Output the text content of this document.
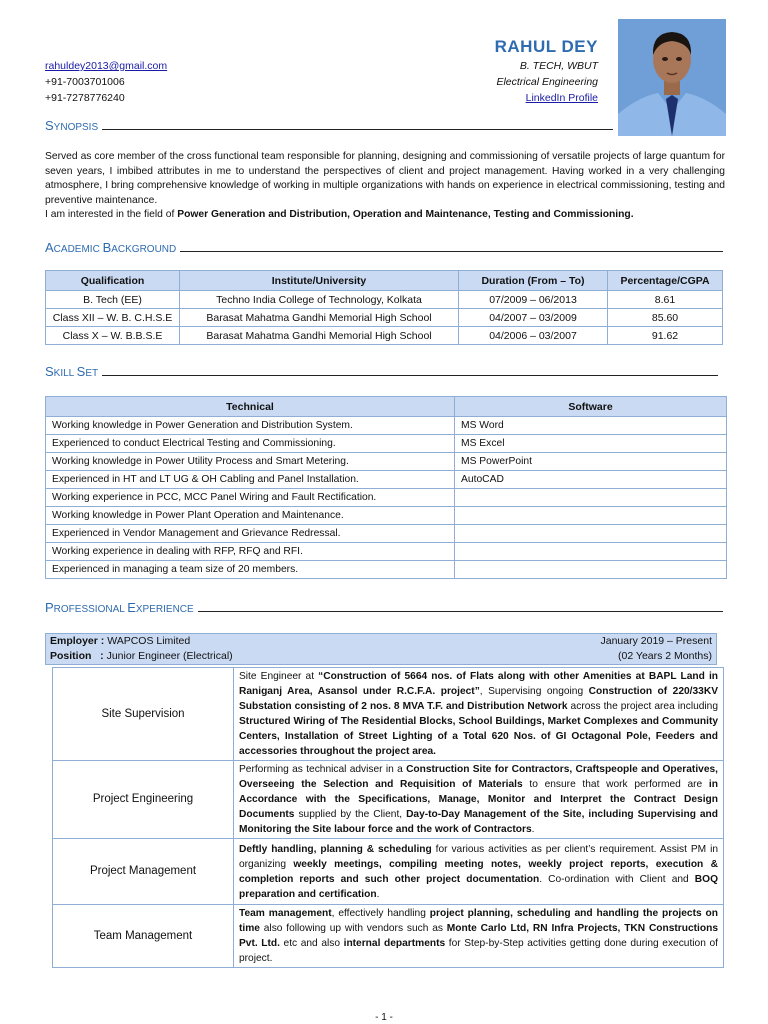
rahuldey2013@gmail.com
+91-7003701006
+91-7278776240
RAHUL DEY
B. TECH, WBUT
Electrical Engineering
LinkedIn Profile
SYNOPSIS
Served as core member of the cross functional team responsible for planning, designing and commissioning of versatile projects of large quantum for seven years, I imbibed attributes in me to understand the perspectives of client and project management. Having worked in a very challenging atmosphere, I bring comprehensive knowledge of working in multiple organizations with hands on experience in electrical commissioning, testing and preventive maintenance.
I am interested in the field of Power Generation and Distribution, Operation and Maintenance, Testing and Commissioning.
ACADEMIC BACKGROUND
Qualification	Institute/University	Duration (From – To)	Percentage/CGPA
B. Tech (EE)	Techno India College of Technology, Kolkata	07/2009 – 06/2013	8.61
Class XII – W. B. C.H.S.E	Barasat Mahatma Gandhi Memorial High School	04/2007 – 03/2009	85.60
Class X – W. B.B.S.E	Barasat Mahatma Gandhi Memorial High School	04/2006 – 03/2007	91.62
SKILL SET
Technical	Software
Working knowledge in Power Generation and Distribution System.	MS Word
Experienced to conduct Electrical Testing and Commissioning.	MS Excel
Working knowledge in Power Utility Process and Smart Metering.	MS PowerPoint
Experienced in HT and LT UG & OH Cabling and Panel Installation.	AutoCAD
Working experience in PCC, MCC Panel Wiring and Fault Rectification.	
Working knowledge in Power Plant Operation and Maintenance.	
Experienced in Vendor Management and Grievance Redressal.	
Working experience in dealing with RFP, RFQ and RFI.	
Experienced in managing a team size of 20 members.	
PROFESSIONAL EXPERIENCE
Employer : WAPCOS Limited	January 2019 – Present
Position   : Junior Engineer (Electrical)	(02 Years 2 Months)
Site Supervision	Site Engineer at “Construction of 5664 nos. of Flats along with other Amenities at BAPL Land in Raniganj Area, Asansol under R.C.F.A. project”, Supervising ongoing Construction of 220/33KV Substation consisting of 2 nos. 8 MVA T.F. and Distribution Network across the project area including Structured Wiring of The Residential Blocks, School Buildings, Market Complexes and Community Centers, Installation of Street Lighting of a Total 620 Nos. of GI Octagonal Pole, Feeders and accessories throughout the project area.
Project Engineering	Performing as technical adviser in a Construction Site for Contractors, Craftspeople and Operatives, Overseeing the Selection and Requisition of Materials to ensure that work performed are in Accordance with the Specifications, Manage, Monitor and Interpret the Contract Design Documents supplied by the Client, Day-to-Day Management of the Site, including Supervising and Monitoring the Site labour force and the work of Contractors.
Project Management	Deftly handling, planning & scheduling for various activities as per client’s requirement. Assist PM in organizing weekly meetings, compiling meeting notes, weekly project reports, execution & completion reports and such other project documentation. Co-ordination with Client and BOQ preparation and certification.
Team Management	Team management, effectively handling project planning, scheduling and handling the projects on time also following up with vendors such as Monte Carlo Ltd, RN Infra Projects, TKN Constructions Pvt. Ltd. etc and also internal departments for Step-by-Step activities getting done during execution of project.
- 1 -
